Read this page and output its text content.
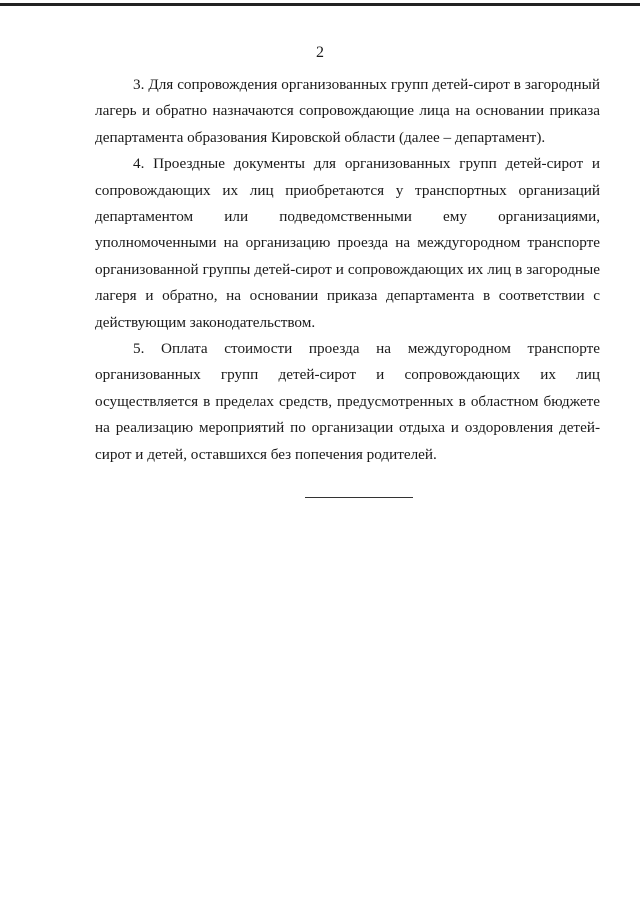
2

3. Для сопровождения организованных групп детей-сирот в загородный лагерь и обратно назначаются сопровождающие лица на основании приказа департамента образования Кировской области (далее – департамент).

4. Проездные документы для организованных групп детей-сирот и сопровождающих их лиц приобретаются у транспортных организаций департаментом или подведомственными ему организациями, уполномоченными на организацию проезда на междугородном транспорте организованной группы детей-сирот и сопровождающих их лиц в загородные лагеря и обратно, на основании приказа департамента в соответствии с действующим законодательством.

5. Оплата стоимости проезда на междугородном транспорте организованных групп детей-сирот и сопровождающих их лиц осуществляется в пределах средств, предусмотренных в областном бюджете на реализацию мероприятий по организации отдыха и оздоровления детей-сирот и детей, оставшихся без попечения родителей.
